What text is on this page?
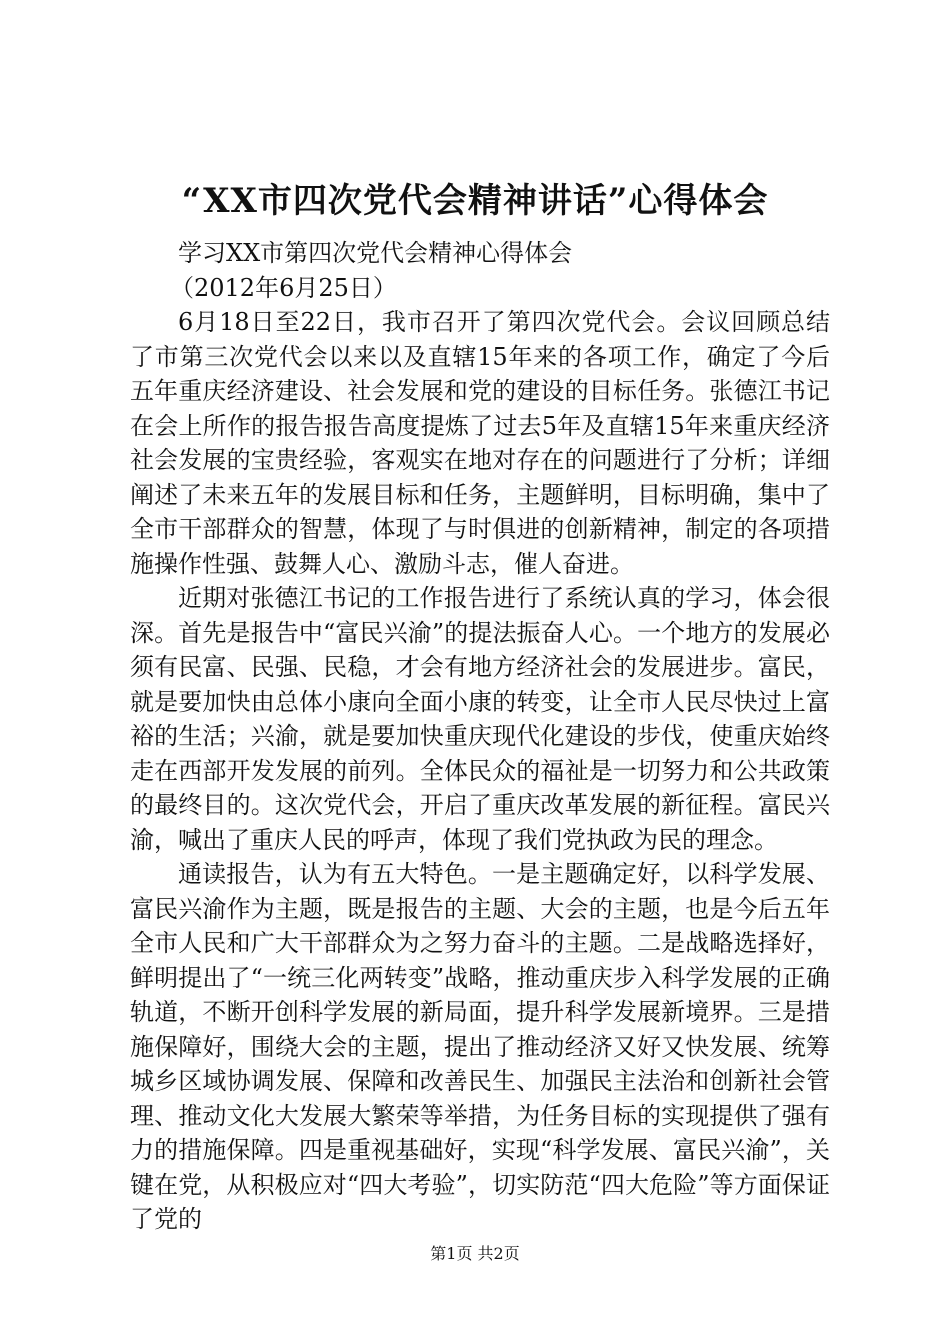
“XX市四次党代会精神讲话”心得体会

学习XX市第四次党代会精神心得体会

（2012年6月25日）

6月18日至22日，我市召开了第四次党代会。会议回顾总结了市第三次党代会以来以及直辖15年来的各项工作，确定了今后五年重庆经济建设、社会发展和党的建设的目标任务。张德江书记在会上所作的报告报告高度提炼了过去5年及直辖15年来重庆经济社会发展的宝贵经验，客观实在地对存在的问题进行了分析；详细阐述了未来五年的发展目标和任务，主题鲜明，目标明确，集中了全市干部群众的智慧，体现了与时俱进的创新精神，制定的各项措施操作性强、鼓舞人心、激励斗志，催人奋进。

近期对张德江书记的工作报告进行了系统认真的学习，体会很深。首先是报告中“富民兴渝”的提法振奋人心。一个地方的发展必须有民富、民强、民稳，才会有地方经济社会的发展进步。富民，就是要加快由总体小康向全面小康的转变，让全市人民尽快过上富裕的生活；兴渝，就是要加快重庆现代化建设的步伐，使重庆始终走在西部开发发展的前列。全体民众的福祉是一切努力和公共政策的最终目的。这次党代会，开启了重庆改革发展的新征程。富民兴渝，喊出了重庆人民的呼声，体现了我们党执政为民的理念。

通读报告，认为有五大特色。一是主题确定好，以科学发展、富民兴渝作为主题，既是报告的主题、大会的主题，也是今后五年全市人民和广大干部群众为之努力奋斗的主题。二是战略选择好，鲜明提出了“一统三化两转变”战略，推动重庆步入科学发展的正确轨道，不断开创科学发展的新局面，提升科学发展新境界。三是措施保障好，围绕大会的主题，提出了推动经济又好又快发展、统筹城乡区域协调发展、保障和改善民生、加强民主法治和创新社会管理、推动文化大发展大繁荣等举措，为任务目标的实现提供了强有力的措施保障。四是重视基础好，实现“科学发展、富民兴渝”，关键在党，从积极应对“四大考验”，切实防范“四大危险”等方面保证了党的

第1页 共2页
